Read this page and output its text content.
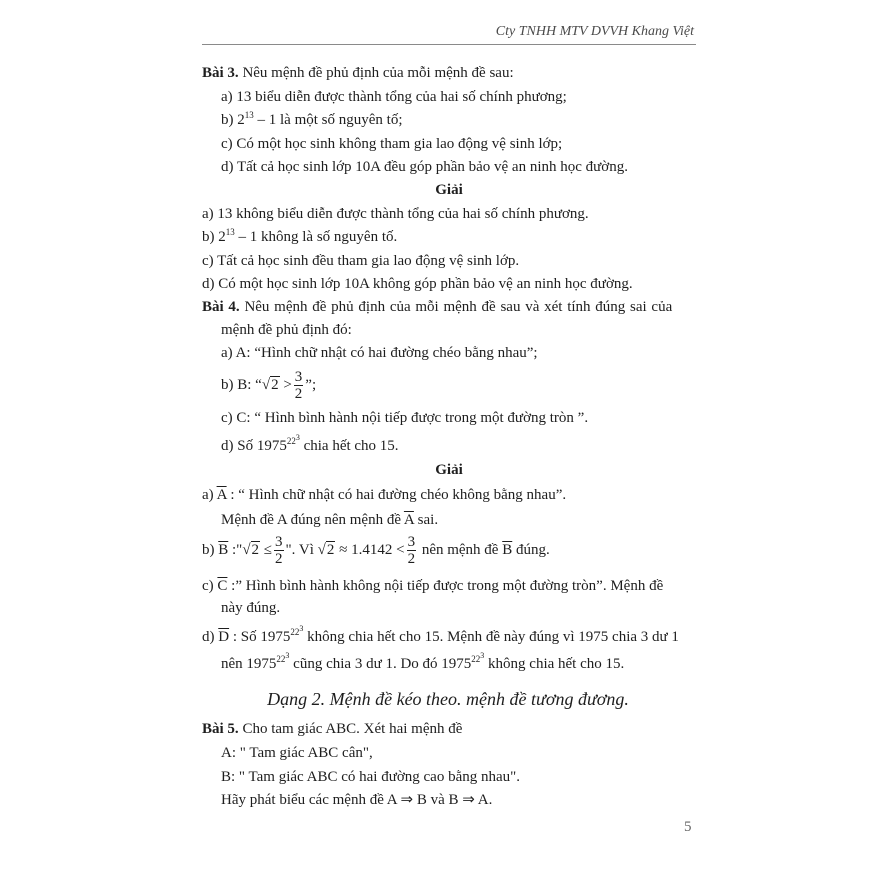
Cty TNHH MTV DVVH Khang Việt
Bài 3. Nêu mệnh đề phủ định của mỗi mệnh đề sau:
a) 13 biểu diễn được thành tổng của hai số chính phương;
b) $2^{13} - 1$ là một số nguyên tố;
c) Có một học sinh không tham gia lao động vệ sinh lớp;
d) Tất cả học sinh lớp 10A đều góp phần bảo vệ an ninh học đường.
Giải
a) 13 không biểu diễn được thành tổng của hai số chính phương.
b) $2^{13} - 1$ không là số nguyên tố.
c) Tất cả học sinh đều tham gia lao động vệ sinh lớp.
d) Có một học sinh lớp 10A không góp phần bảo vệ an ninh học đường.
Bài 4. Nêu mệnh đề phủ định của mỗi mệnh đề sau và xét tính đúng sai của
mệnh đề phủ định đó:
a) A: “Hình chữ nhật có hai đường chéo bằng nhau”;
b) B: “$√2 > \frac{3}{2}$ ”;
c) C: “ Hình bình hành nội tiếp được trong một đường tròn ”.
d) Số 1975$^{223}$ chia hết cho 15.
Giải
a) $\overline{A}$ : “ Hình chữ nhật có hai đường chéo không bằng nhau”.
Mệnh đề A đúng nên mệnh đề $\overline{A}$ sai.
b) $\overline{B}$ :"√2 ≤ $\frac{3}{2}$ ". Vì $√2 \approx 1.4142 < \frac{3}{2}$ nên mệnh đề $\overline{B}$ đúng.
c) $\overline{C}$ :” Hình bình hành không nội tiếp được trong một đường tròn”. Mệnh đề
này đúng.
d) $\overline{D}$ : Số 1975$^{223}$ không chia hết cho 15. Mệnh đề này đúng vì 1975 chia 3 dư 1
nên 1975$^{223}$ cũng chia 3 dư 1. Do đó 1975$^{223}$ không chia hết cho 15.
Dạng 2. Mệnh đề kéo theo. mệnh đề tương đương.
Bài 5. Cho tam giác ABC. Xét hai mệnh đề
A: " Tam giác ABC cân",
B: " Tam giác ABC có hai đường cao bằng nhau".
Hãy phát biểu các mệnh đề A ⇒ B và B ⇒ A.
5
